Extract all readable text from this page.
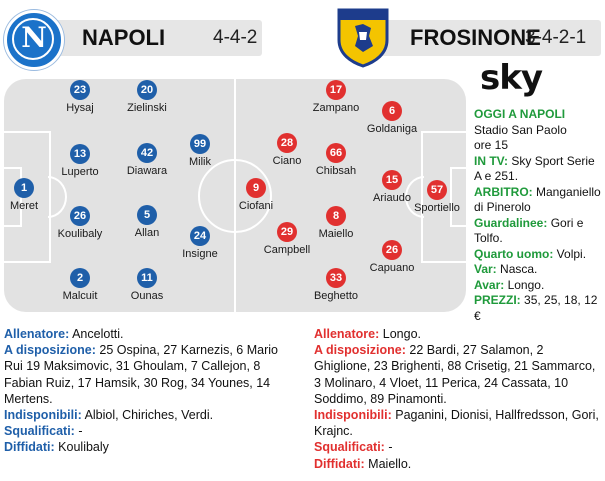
N	NAPOLI	4-4-2	FROSINONE
3-4-2-1
sky
1
Meret
23
Hysaj
13
Luperto
26
Koulibaly
2
Malcuit
20
Zielinski
42
Diawara
5
Allan
11
Ounas
99
Milik
24
Insigne
57
Sportiello
6
Goldaniga
15
Ariaudo
26
Capuano
17
Zampano
66
Chibsah
8
Maiello
33
Beghetto
28
Ciano
29
Campbell
9
Ciofani
OGGI A NAPOLI
Stadio San Paolo
ore 15
IN TV: Sky Sport Serie A e 251.
ARBITRO: Manganiello di Pinerolo
Guardalinee: Gori e Tolfo.
Quarto uomo: Volpi.
Var: Nasca.
Avar: Longo.
PREZZI: 35, 25, 18, 12 €
Allenatore: Ancelotti.
A disposizione: 25 Ospina, 27 Karnezis, 6 Mario Rui 19 Maksimovic, 31 Ghoulam, 7 Callejon, 8 Fabian Ruiz, 17 Hamsik, 30 Rog, 34 Younes, 14 Mertens.
Indisponibili: Albiol, Chiriches, Verdi.
Squalificati: -
Diffidati: Koulibaly
Allenatore: Longo.
A disposizione: 22 Bardi, 27 Salamon, 2 Ghiglione, 23 Brighenti, 88 Crisetig, 21 Sammarco, 3 Molinaro, 4 Vloet, 11 Perica, 24 Cassata, 10 Soddimo, 89 Pinamonti.
Indisponibili: Paganini, Dionisi, Hallfredsson, Gori, Krajnc.
Squalificati: -
Diffidati: Maiello.
